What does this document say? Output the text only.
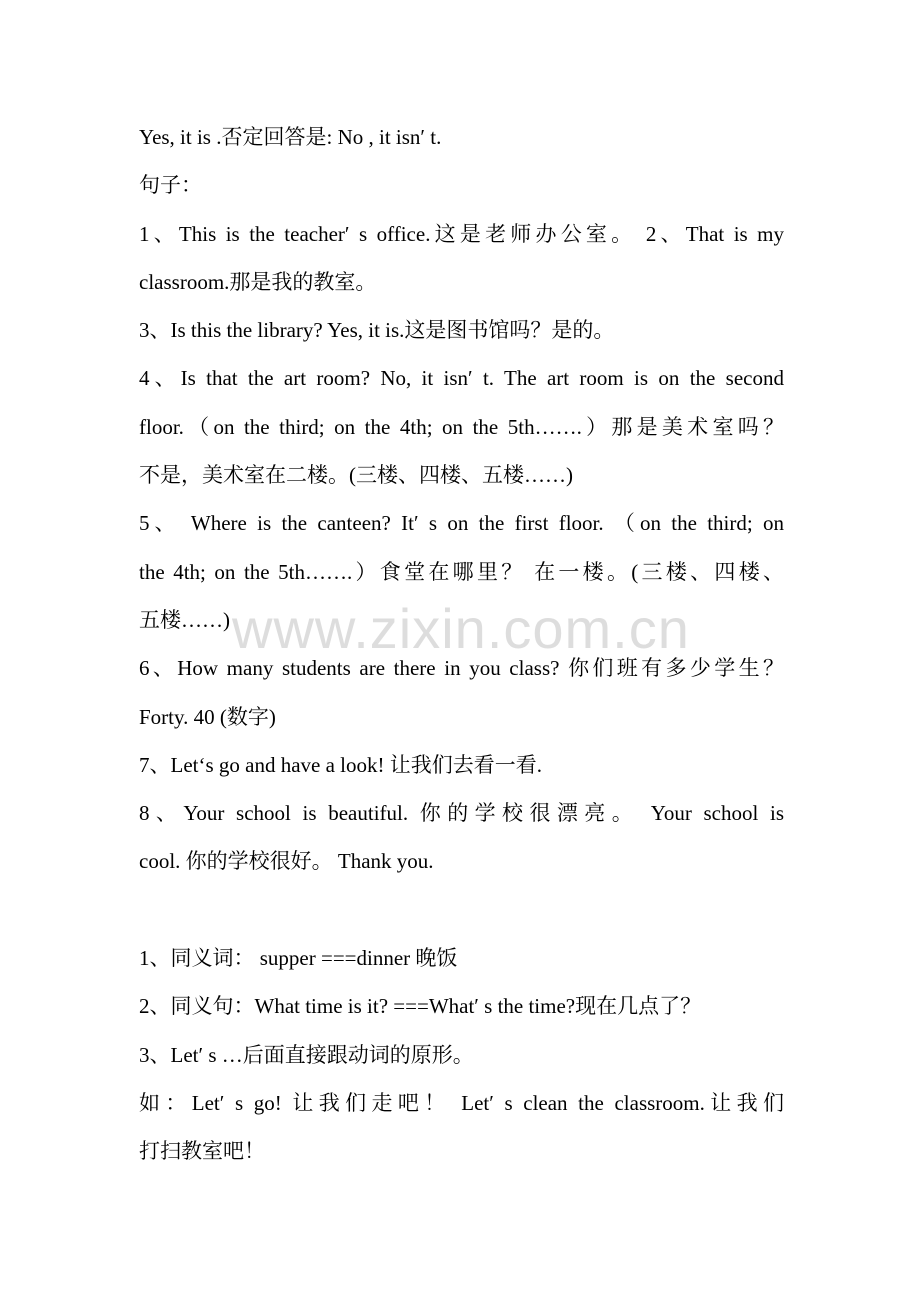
Yes, it is .否定回答是: No , it isn′ t.
句子：
1、This is the teacher′ s office.这是老师办公室。 2、That is my
classroom.那是我的教室。
3、Is this the library? Yes, it is.这是图书馆吗？是的。
4、Is that the art room? No, it isn′ t. The art room is on the second
floor.（on the third; on the 4th; on the 5th…….）那是美术室吗？
不是，美术室在二楼。(三楼、四楼、五楼……)
5、 Where is the canteen? It′ s on the first floor. （on the third; on
the 4th; on the 5th…….）食堂在哪里？ 在一楼。(三楼、四楼、
五楼……)
6、How many students are there in you class? 你们班有多少学生？
Forty. 40 (数字)
7、Let‘s go and have a look! 让我们去看一看.
8、Your school is beautiful. 你的学校很漂亮。 Your school is
cool. 你的学校很好。 Thank you.
1、同义词： supper ===dinner 晚饭
2、同义句：What time is it? ===What′ s the time?现在几点了？
3、Let′ s …后面直接跟动词的原形。
如：Let′ s go! 让我们走吧！ Let′ s clean the classroom.让我们
打扫教室吧！
www.zixin.com.cn
